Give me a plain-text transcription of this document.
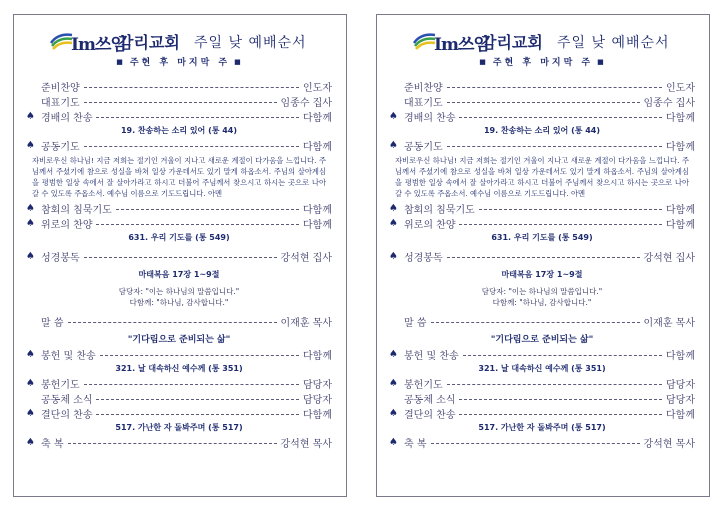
Im쓰임
감리교회 주일 낮 예배순서
■ 주현 후 마지막 주 ■
준비찬양	인도자
대표기도	임종수 집사
♠ 경배의 찬송	다함께
19. 찬송하는 소리 있어 (통 44)
♠ 공동기도	다함께
자비로우신 하나님! 지금 저희는 절기인 겨울이 지나고 새로운 계절이 다가옴을 느낍니다. 주님께서 주셨기에 참으로 성실을 바쳐 일상 가운데서도 있기 말게 하옵소서. 주님의 살아계심을 평범한 일상 속에서 잘 살아가라고 하시고 더불어 주님께서 찾으시고 하시는 곳으로 나아갈 수 있도록 주옵소서. 예수님 이름으로 기도드립니다. 아멘
♠ 참회의 침묵기도	다함께
♠ 위로의 찬양	다함께
631. 우리 기도를 (통 549)
♠ 성경봉독	강석현 집사
마태복음 17장 1~9절
담당자: "이는 하나님의 말씀입니다."
다함께: "하나님, 감사합니다."
말 씀	이재훈 목사
"기다림으로 준비되는 삶"
♠ 봉헌 및 찬송	다함께
321. 날 대속하신 예수께 (통 351)
♠ 봉헌기도	담당자
공동체 소식	담당자
♠ 결단의 찬송	다함께
517. 가난한 자 돌봐주며 (통 517)
♠ 축 복	강석현 목사
Im쓰임
감리교회 주일 낮 예배순서
■ 주현 후 마지막 주 ■
준비찬양	인도자
대표기도	임종수 집사
♠ 경배의 찬송	다함께
19. 찬송하는 소리 있어 (통 44)
♠ 공동기도	다함께
자비로우신 하나님! 지금 저희는 절기인 겨울이 지나고 새로운 계절이 다가옴을 느낍니다. 주님께서 주셨기에 참으로 성실을 바쳐 일상 가운데서도 있기 말게 하옵소서. 주님의 살아계심을 평범한 일상 속에서 잘 살아가라고 하시고 더불어 주님께서 찾으시고 하시는 곳으로 나아갈 수 있도록 주옵소서. 예수님 이름으로 기도드립니다. 아멘
♠ 참회의 침묵기도	다함께
♠ 위로의 찬양	다함께
631. 우리 기도를 (통 549)
♠ 성경봉독	강석현 집사
마태복음 17장 1~9절
담당자: "이는 하나님의 말씀입니다."
다함께: "하나님, 감사합니다."
말 씀	이재훈 목사
"기다림으로 준비되는 삶"
♠ 봉헌 및 찬송	다함께
321. 날 대속하신 예수께 (통 351)
♠ 봉헌기도	담당자
공동체 소식	담당자
♠ 결단의 찬송	다함께
517. 가난한 자 돌봐주며 (통 517)
♠ 축 복	강석현 목사
